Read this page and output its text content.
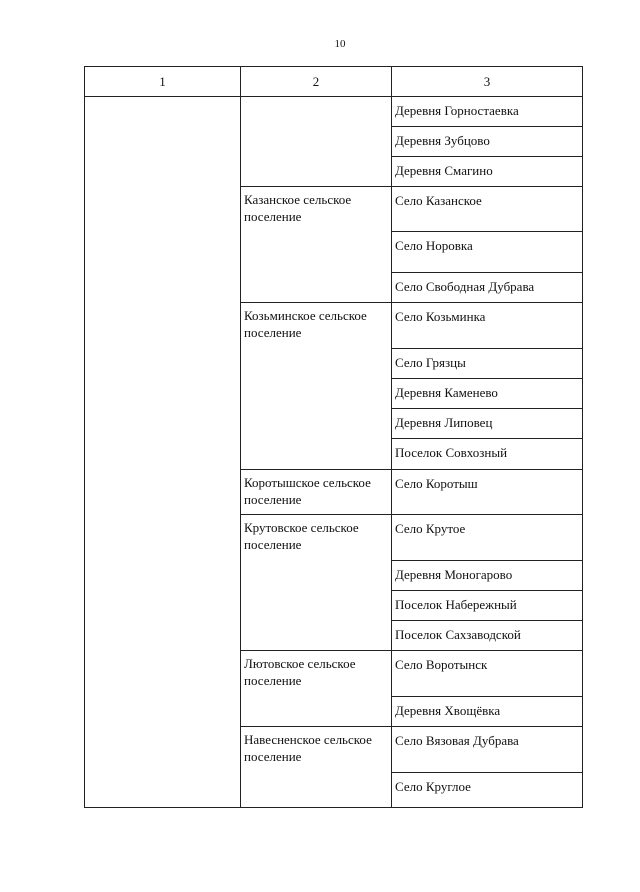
10
1	2	3

		Деревня Горностаевка

		Деревня Зубцово

		Деревня Смагино

	Казанское сельское поселение	Село Казанское

		Село Норовка

		Село Свободная Дубрава

	Козьминское сельское поселение	Село Козьминка

		Село Грязцы

		Деревня Каменево

		Деревня Липовец

		Поселок Совхозный

	Коротышское сельское поселение	Село Коротыш

	Крутовское сельское поселение	Село Крутое

		Деревня Моногарово

		Поселок Набережный

		Поселок Сахзаводской

	Лютовское сельское поселение	Село Воротынск

		Деревня Хвощёвка

	Навесненское сельское поселение	Село Вязовая Дубрава

		Село Круглое
